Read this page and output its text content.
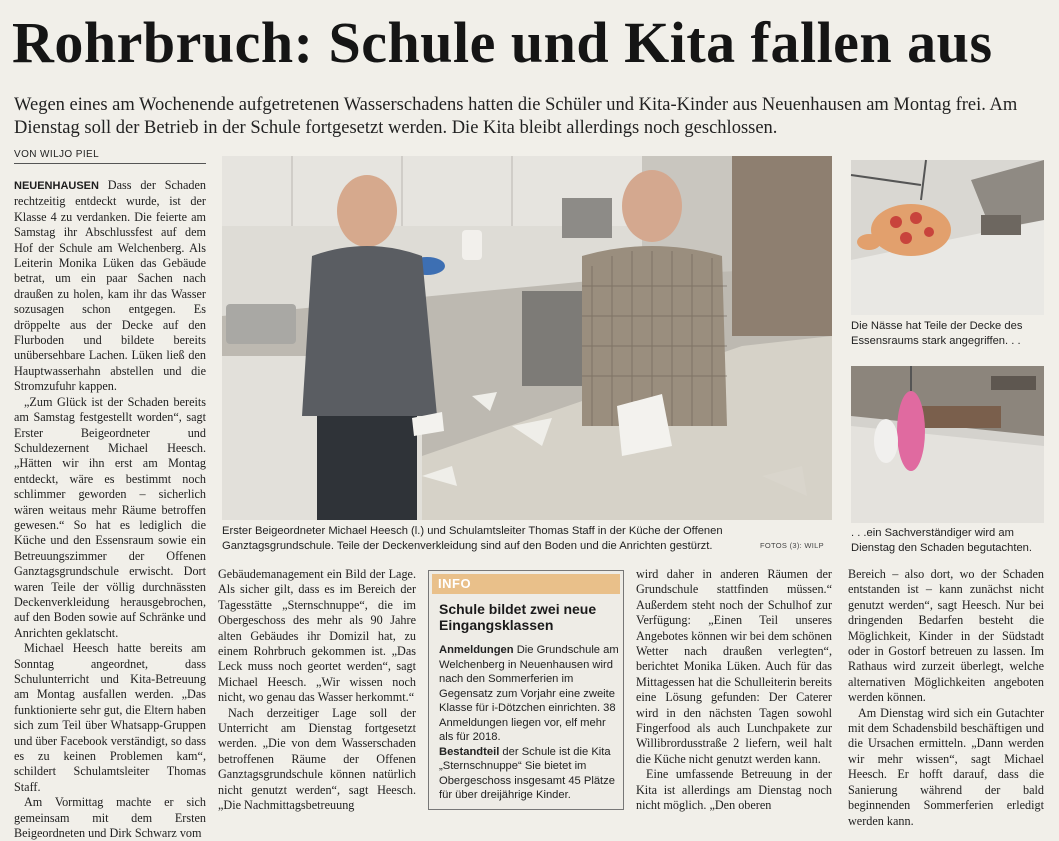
Rohrbruch: Schule und Kita fallen aus

Wegen eines am Wochenende aufgetretenen Wasserschadens hatten die Schüler und Kita-Kinder aus Neuenhausen am Montag frei. Am Dienstag soll der Betrieb in der Schule fortgesetzt werden. Die Kita bleibt allerdings noch geschlossen.

VON WILJO PIEL

NEUENHAUSEN Dass der Schaden rechtzeitig entdeckt wurde, ist der Klasse 4 zu verdanken. Die feierte am Samstag ihr Abschlussfest auf dem Hof der Schule am Welchenberg. Als Leiterin Monika Lüken das Gebäude betrat, um ein paar Sachen nach draußen zu holen, kam ihr das Wasser sozusagen schon entgegen. Es dröppelte aus der Decke auf den Flurboden und bildete bereits unübersehbare Lachen. Lüken ließ den Hauptwasserhahn abstellen und die Stromzufuhr kappen.

„Zum Glück ist der Schaden bereits am Samstag festgestellt worden“, sagt Erster Beigeordneter und Schuldezernent Michael Heesch. „Hätten wir ihn erst am Montag entdeckt, wäre es bestimmt noch schlimmer geworden – sicherlich wären weitaus mehr Räume betroffen gewesen.“ So hat es lediglich die Küche und den Essensraum sowie ein Betreuungszimmer der Offenen Ganztagsgrundschule erwischt. Dort waren Teile der völlig durchnässten Deckenverkleidung herausgebrochen, auf den Boden sowie auf Schränke und Anrichten geklatscht.

Michael Heesch hatte bereits am Sonntag angeordnet, dass Schulunterricht und Kita-Betreuung am Montag ausfallen werden. „Das funktionierte sehr gut, die Eltern haben sich zum Teil über Whatsapp-Gruppen und über Facebook verständigt, so dass es zu keinen Problemen kam“, schildert Schulamtsleiter Thomas Staff.

Am Vormittag machte er sich gemeinsam mit dem Ersten Beigeordneten und Dirk Schwarz vom

Erster Beigeordneter Michael Heesch (l.) und Schulamtsleiter Thomas Staff in der Küche der Offenen Ganztagsgrundschule. Teile der Deckenverkleidung sind auf den Boden und die Anrichten gestürzt.	FOTOS (3): WILP
Die Nässe hat Teile der Decke des Essensraums stark angegriffen. . .
. . .ein Sachverständiger wird am Dienstag den Schaden begutachten.

Gebäudemanagement ein Bild der Lage. Als sicher gilt, dass es im Bereich der Tagesstätte „Sternschnuppe“, die im Obergeschoss des mehr als 90 Jahre alten Gebäudes ihr Domizil hat, zu einem Rohrbruch gekommen ist. „Das Leck muss noch geortet werden“, sagt Michael Heesch. „Wir wissen noch nicht, wo genau das Wasser herkommt.“

Nach derzeitiger Lage soll der Unterricht am Dienstag fortgesetzt werden. „Die von dem Wasserschaden betroffenen Räume der Offenen Ganztagsgrundschule können natürlich nicht genutzt werden“, sagt Heesch. „Die Nachmittagsbetreuung

INFO
Schule bildet zwei neue Eingangsklassen

Anmeldungen Die Grundschule am Welchenberg in Neuenhausen wird nach den Sommerferien im Gegensatz zum Vorjahr eine zweite Klasse für i-Dötzchen einrichten. 38 Anmeldungen liegen vor, elf mehr als für 2018.

Bestandteil der Schule ist die Kita „Sternschnuppe“ Sie bietet im Obergeschoss insgesamt 45 Plätze für über dreijährige Kinder.

wird daher in anderen Räumen der Grundschule stattfinden müssen.“ Außerdem steht noch der Schulhof zur Verfügung: „Einen Teil unseres Angebotes können wir bei dem schönen Wetter nach draußen verlegten“, berichtet Monika Lüken. Auch für das Mittagessen hat die Schulleiterin bereits eine Lösung gefunden: Der Caterer wird in den nächsten Tagen sowohl Fingerfood als auch Lunchpakete zur Willibrordusstraße 2 liefern, weil halt die Küche nicht genutzt werden kann.

Eine umfassende Betreuung in der Kita ist allerdings am Dienstag noch nicht möglich. „Den oberen

Bereich – also dort, wo der Schaden entstanden ist – kann zunächst nicht genutzt werden“, sagt Heesch. Nur bei dringenden Bedarfen besteht die Möglichkeit, Kinder in der Südstadt oder in Gostorf betreuen zu lassen. Im Rathaus wird zurzeit überlegt, welche alternativen Möglichkeiten angeboten werden können.

Am Dienstag wird sich ein Gutachter mit dem Schadensbild beschäftigen und die Ursachen ermitteln. „Dann werden wir mehr wissen“, sagt Michael Heesch. Er hofft darauf, dass die Sanierung während der bald beginnenden Sommerferien erledigt werden kann.
